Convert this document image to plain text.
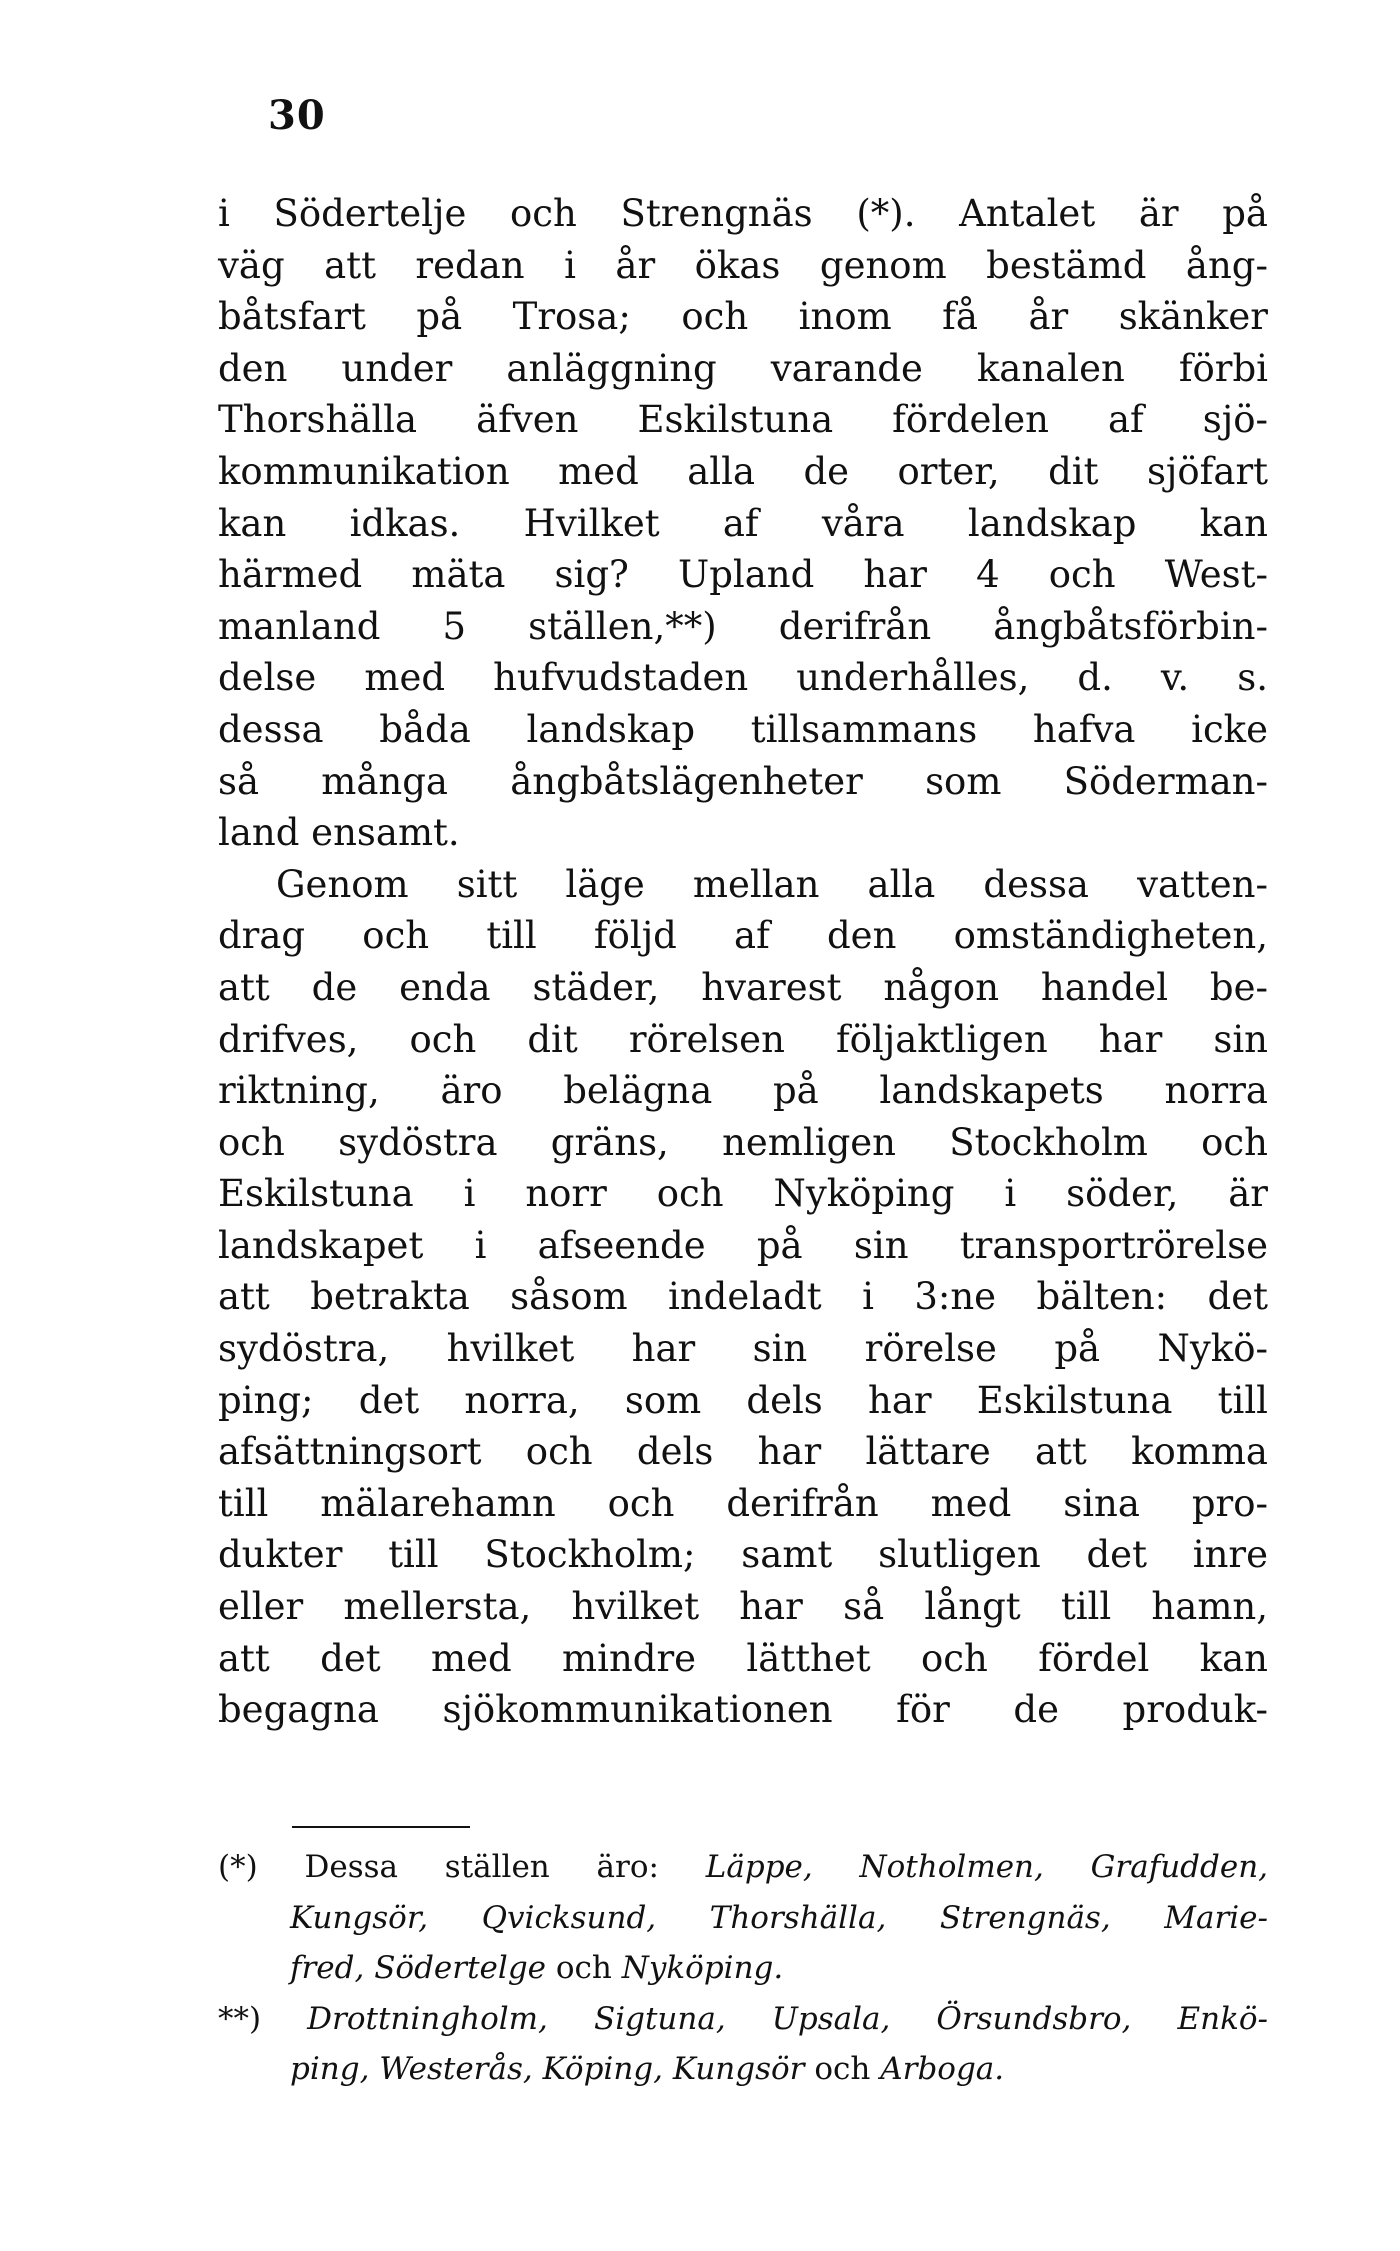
30
i Södertelje och Strengnäs (*). Antalet är på
väg att redan i år ökas genom bestämd ång-
båtsfart på Trosa; och inom få år skänker
den under anläggning varande kanalen förbi
Thorshälla äfven Eskilstuna fördelen af sjö-
kommunikation med alla de orter, dit sjöfart
kan idkas. Hvilket af våra landskap kan
härmed mäta sig? Upland har 4 och West-
manland 5 ställen,**) derifrån ångbåtsförbin-
delse med hufvudstaden underhålles, d. v. s.
dessa båda landskap tillsammans hafva icke
så många ångbåtslägenheter som Söderman-
land ensamt.
Genom sitt läge mellan alla dessa vatten-
drag och till följd af den omständigheten,
att de enda städer, hvarest någon handel be-
drifves, och dit rörelsen följaktligen har sin
riktning, äro belägna på landskapets norra
och sydöstra gräns, nemligen Stockholm och
Eskilstuna i norr och Nyköping i söder, är
landskapet i afseende på sin transportrörelse
att betrakta såsom indeladt i 3:ne bälten: det
sydöstra, hvilket har sin rörelse på Nykö-
ping; det norra, som dels har Eskilstuna till
afsättningsort och dels har lättare att komma
till mälarehamn och derifrån med sina pro-
dukter till Stockholm; samt slutligen det inre
eller mellersta, hvilket har så långt till hamn,
att det med mindre lätthet och fördel kan
begagna sjökommunikationen för de produk-
(*) Dessa ställen äro: Läppe, Notholmen, Grafudden,
Kungsör, Qvicksund, Thorshälla, Strengnäs, Marie-
fred, Södertelge och Nyköping.
**) Drottningholm, Sigtuna, Upsala, Örsundsbro, Enkö-
ping, Westerås, Köping, Kungsör och Arboga.
